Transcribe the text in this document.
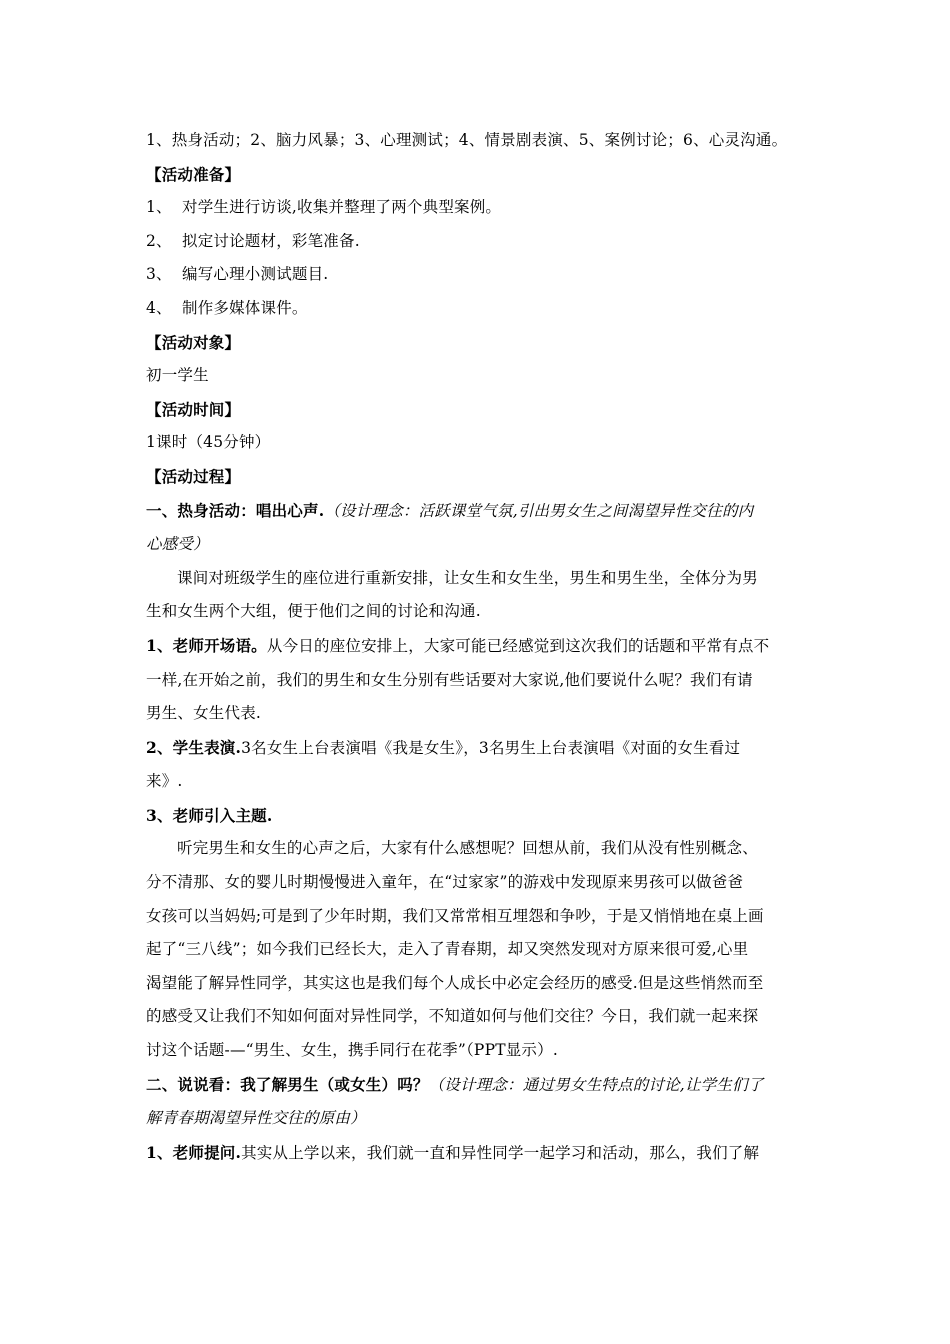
1、热身活动；2、脑力风暴；3、心理测试；4、情景剧表演、5、案例讨论；6、心灵沟通。
【活动准备】
1、 对学生进行访谈,收集并整理了两个典型案例。
2、 拟定讨论题材，彩笔准备.
3、 编写心理小测试题目.
4、 制作多媒体课件。
【活动对象】
初一学生
【活动时间】
1课时（45分钟）
【活动过程】
一、热身活动：唱出心声.（设计理念：活跃课堂气氛,引出男女生之间渴望异性交往的内
心感受）
课间对班级学生的座位进行重新安排，让女生和女生坐，男生和男生坐，全体分为男
生和女生两个大组，便于他们之间的讨论和沟通.
1、老师开场语。从今日的座位安排上，大家可能已经感觉到这次我们的话题和平常有点不
一样,在开始之前，我们的男生和女生分别有些话要对大家说,他们要说什么呢？我们有请
男生、女生代表.
2、学生表演.3名女生上台表演唱《我是女生》，3名男生上台表演唱《对面的女生看过
来》.
3、老师引入主题.
听完男生和女生的心声之后，大家有什么感想呢？回想从前，我们从没有性别概念、
分不清那、女的婴儿时期慢慢进入童年，在“过家家”的游戏中发现原来男孩可以做爸爸
女孩可以当妈妈;可是到了少年时期，我们又常常相互埋怨和争吵，于是又悄悄地在桌上画
起了“三八线”；如今我们已经长大，走入了青春期，却又突然发现对方原来很可爱,心里
渴望能了解异性同学，其实这也是我们每个人成长中必定会经历的感受.但是这些悄然而至
的感受又让我们不知如何面对异性同学，不知道如何与他们交往？今日，我们就一起来探
讨这个话题-—“男生、女生，携手同行在花季”（PPT显示）.
二、说说看：我了解男生（或女生）吗？（设计理念：通过男女生特点的讨论,让学生们了
解青春期渴望异性交往的原由）
1、老师提问.其实从上学以来，我们就一直和异性同学一起学习和活动，那么，我们了解
